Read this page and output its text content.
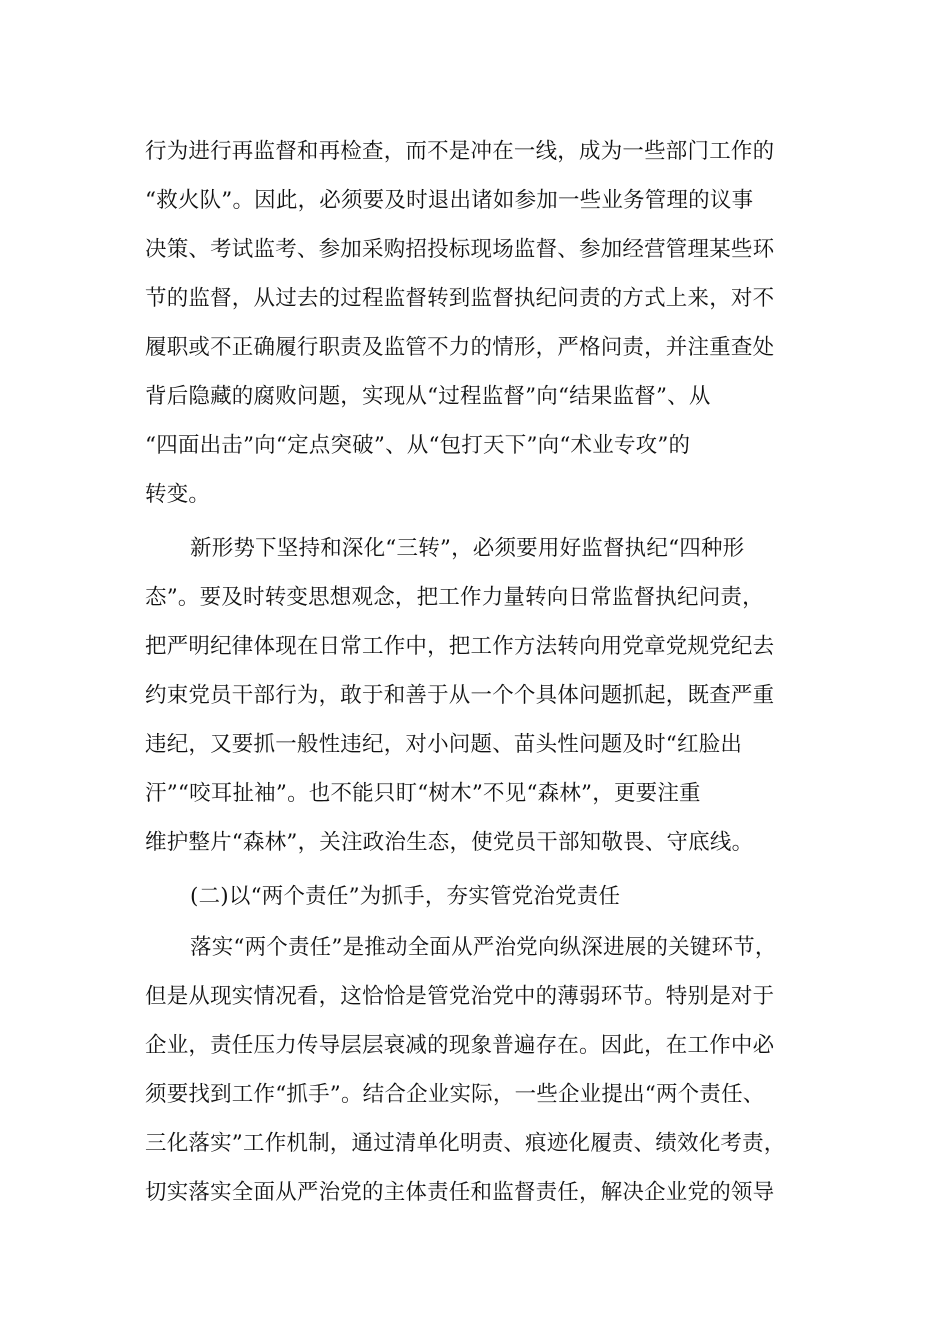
行为进行再监督和再检查，而不是冲在一线，成为一些部门工作的
“救火队”。因此，必须要及时退出诸如参加一些业务管理的议事
决策、考试监考、参加采购招投标现场监督、参加经营管理某些环
节的监督，从过去的过程监督转到监督执纪问责的方式上来，对不
履职或不正确履行职责及监管不力的情形，严格问责，并注重查处
背后隐藏的腐败问题，实现从“过程监督”向“结果监督”、从
“四面出击”向“定点突破”、从“包打天下”向“术业专攻”的
转变。
新形势下坚持和深化“三转”，必须要用好监督执纪“四种形
态”。要及时转变思想观念，把工作力量转向日常监督执纪问责，
把严明纪律体现在日常工作中，把工作方法转向用党章党规党纪去
约束党员干部行为，敢于和善于从一个个具体问题抓起，既查严重
违纪，又要抓一般性违纪，对小问题、苗头性问题及时“红脸出
汗”“咬耳扯袖”。也不能只盯“树木”不见“森林”，更要注重
维护整片“森林”，关注政治生态，使党员干部知敬畏、守底线。
(二)以“两个责任”为抓手，夯实管党治党责任
落实“两个责任”是推动全面从严治党向纵深进展的关键环节，
但是从现实情况看，这恰恰是管党治党中的薄弱环节。特别是对于
企业，责任压力传导层层衰减的现象普遍存在。因此，在工作中必
须要找到工作“抓手”。结合企业实际，一些企业提出“两个责任、
三化落实”工作机制，通过清单化明责、痕迹化履责、绩效化考责，
切实落实全面从严治党的主体责任和监督责任，解决企业党的领导
